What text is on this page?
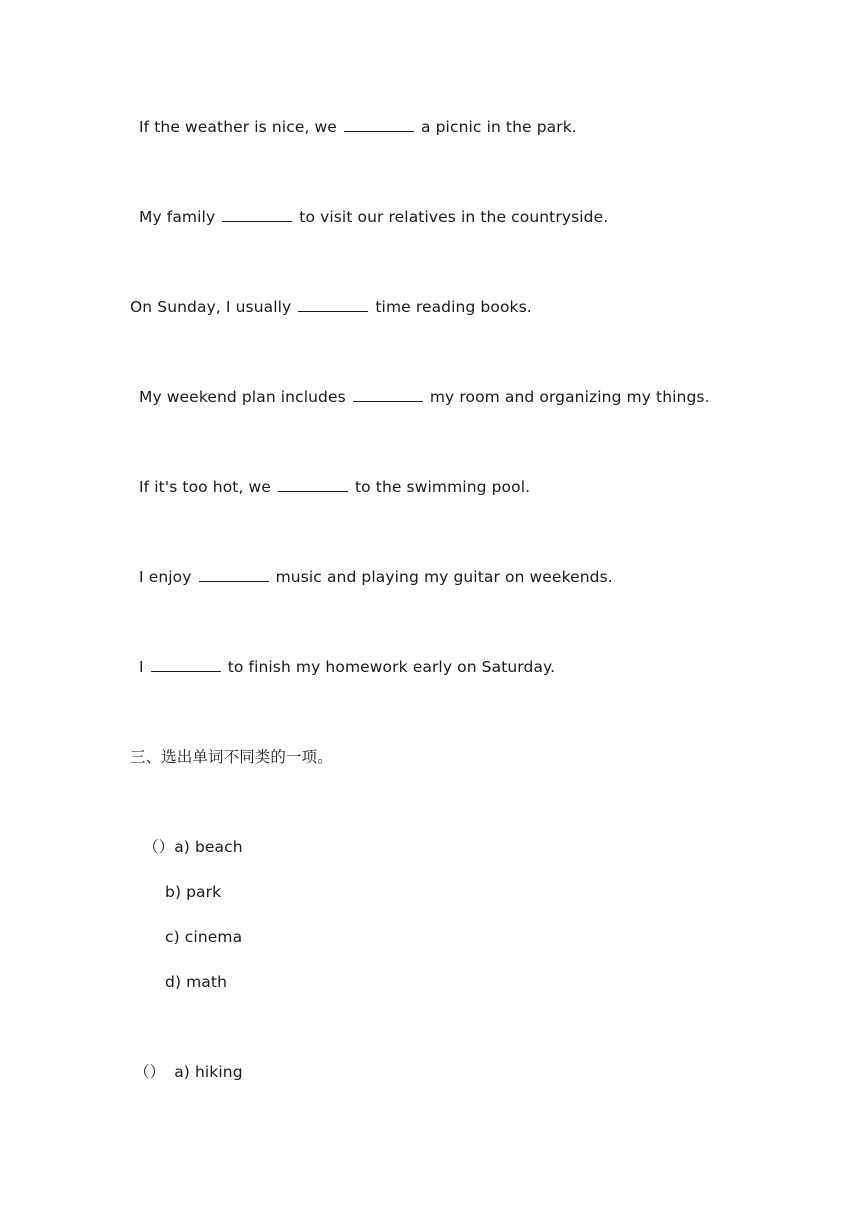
If the weather is nice, we	a picnic in the park.
My family	to visit our relatives in the countryside.
On Sunday, I usually	time reading books.
My weekend plan includes	my room and organizing my things.
If it's too hot, we	to the swimming pool.
I enjoy	music and playing my guitar on weekends.
I	to finish my homework early on Saturday.
三、选出单词不同类的一项。
（）a) beach
b) park
c) cinema
d) math
（） a) hiking
